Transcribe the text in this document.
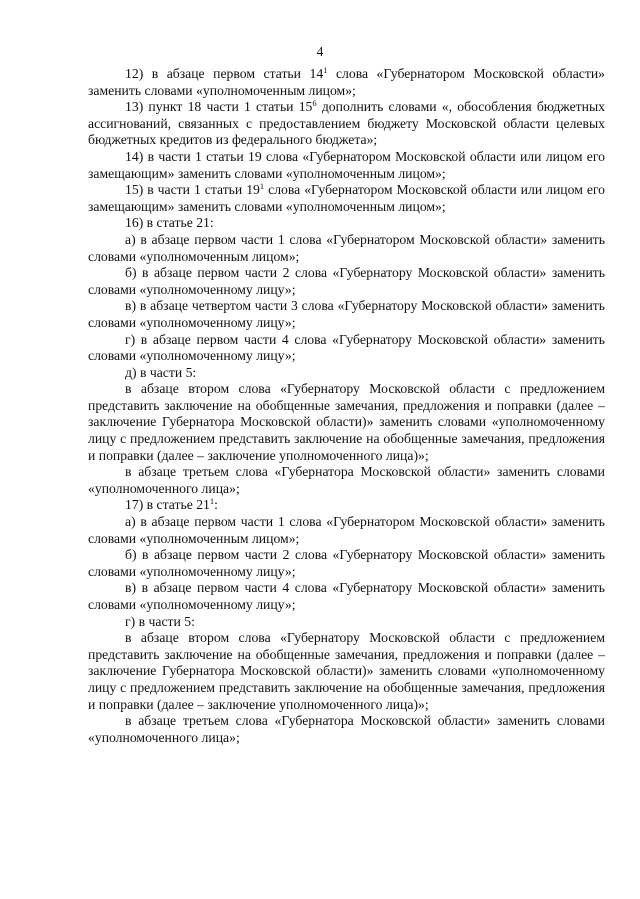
4

12) в абзаце первом статьи $14^1$ слова «Губернатором Московской области» заменить словами «уполномоченным лицом»;

13) пункт 18 части 1 статьи $15^6$ дополнить словами «, обособления бюджетных ассигнований, связанных с предоставлением бюджету Московской области целевых бюджетных кредитов из федерального бюджета»;

14) в части 1 статьи 19 слова «Губернатором Московской области или лицом его замещающим» заменить словами «уполномоченным лицом»;

15) в части 1 статьи $19^1$ слова «Губернатором Московской области или лицом его замещающим» заменить словами «уполномоченным лицом»;

16) в статье 21:

а) в абзаце первом части 1 слова «Губернатором Московской области» заменить словами «уполномоченным лицом»;

б) в абзаце первом части 2 слова «Губернатору Московской области» заменить словами «уполномоченному лицу»;

в) в абзаце четвертом части 3 слова «Губернатору Московской области» заменить словами «уполномоченному лицу»;

г) в абзаце первом части 4 слова «Губернатору Московской области» заменить словами «уполномоченному лицу»;

д) в части 5:

в абзаце втором слова «Губернатору Московской области с предложением представить заключение на обобщенные замечания, предложения и поправки (далее – заключение Губернатора Московской области)» заменить словами «уполномоченному лицу с предложением представить заключение на обобщенные замечания, предложения и поправки (далее – заключение уполномоченного лица)»;

в абзаце третьем слова «Губернатора Московской области» заменить словами «уполномоченного лица»;

17) в статье $21^1$:

а) в абзаце первом части 1 слова «Губернатором Московской области» заменить словами «уполномоченным лицом»;

б) в абзаце первом части 2 слова «Губернатору Московской области» заменить словами «уполномоченному лицу»;

в) в абзаце первом части 4 слова «Губернатору Московской области» заменить словами «уполномоченному лицу»;

г) в части 5:

в абзаце втором слова «Губернатору Московской области с предложением представить заключение на обобщенные замечания, предложения и поправки (далее – заключение Губернатора Московской области)» заменить словами «уполномоченному лицу с предложением представить заключение на обобщенные замечания, предложения и поправки (далее – заключение уполномоченного лица)»;

в абзаце третьем слова «Губернатора Московской области» заменить словами «уполномоченного лица»;
